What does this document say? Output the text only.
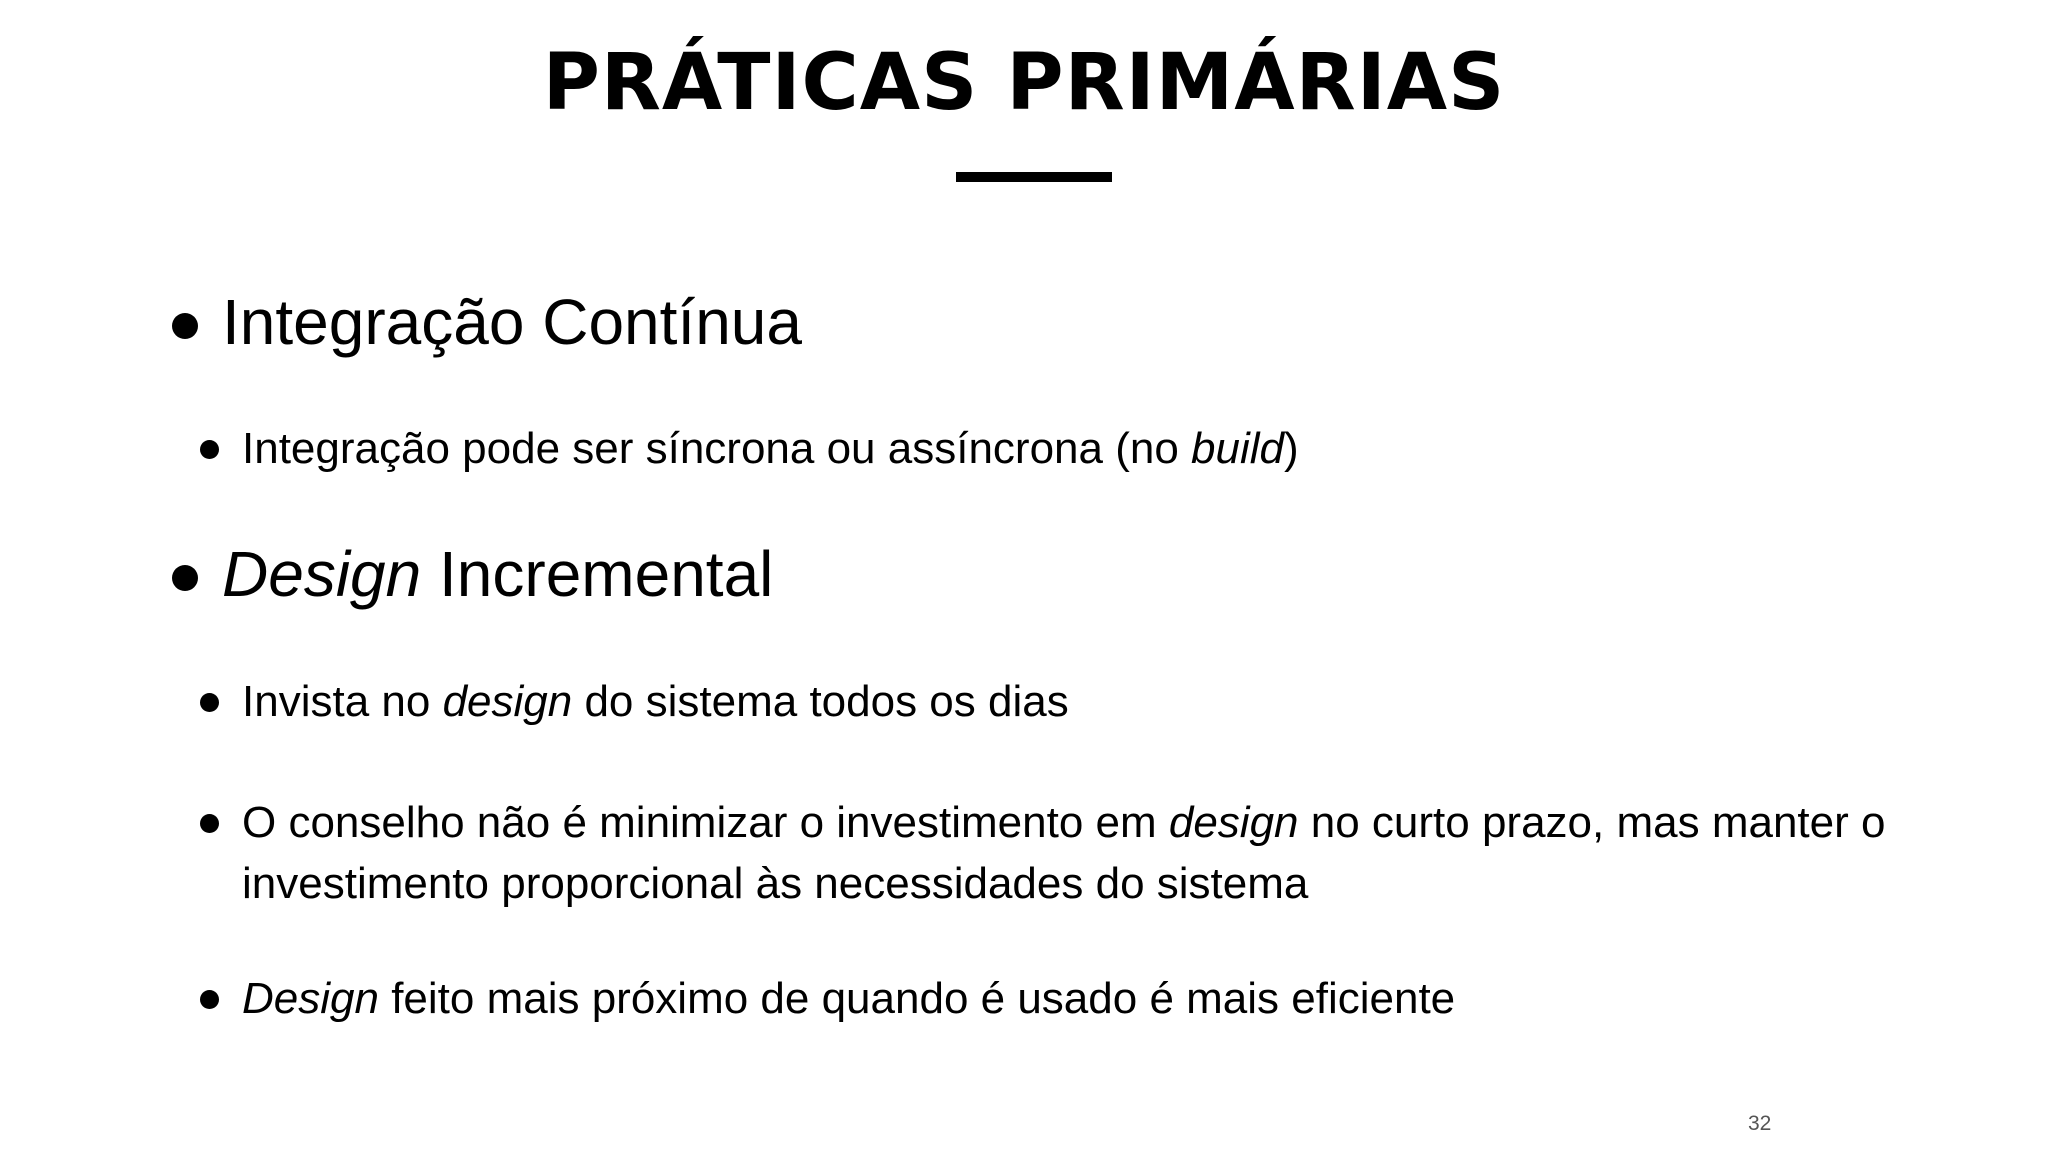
PRÁTICAS PRIMÁRIAS

Integração Contínua

Integração pode ser síncrona ou assíncrona (no build)

Design Incremental

Invista no design do sistema todos os dias

O conselho não é minimizar o investimento em design no curto prazo, mas manter o investimento proporcional às necessidades do sistema

Design feito mais próximo de quando é usado é mais eficiente

32
